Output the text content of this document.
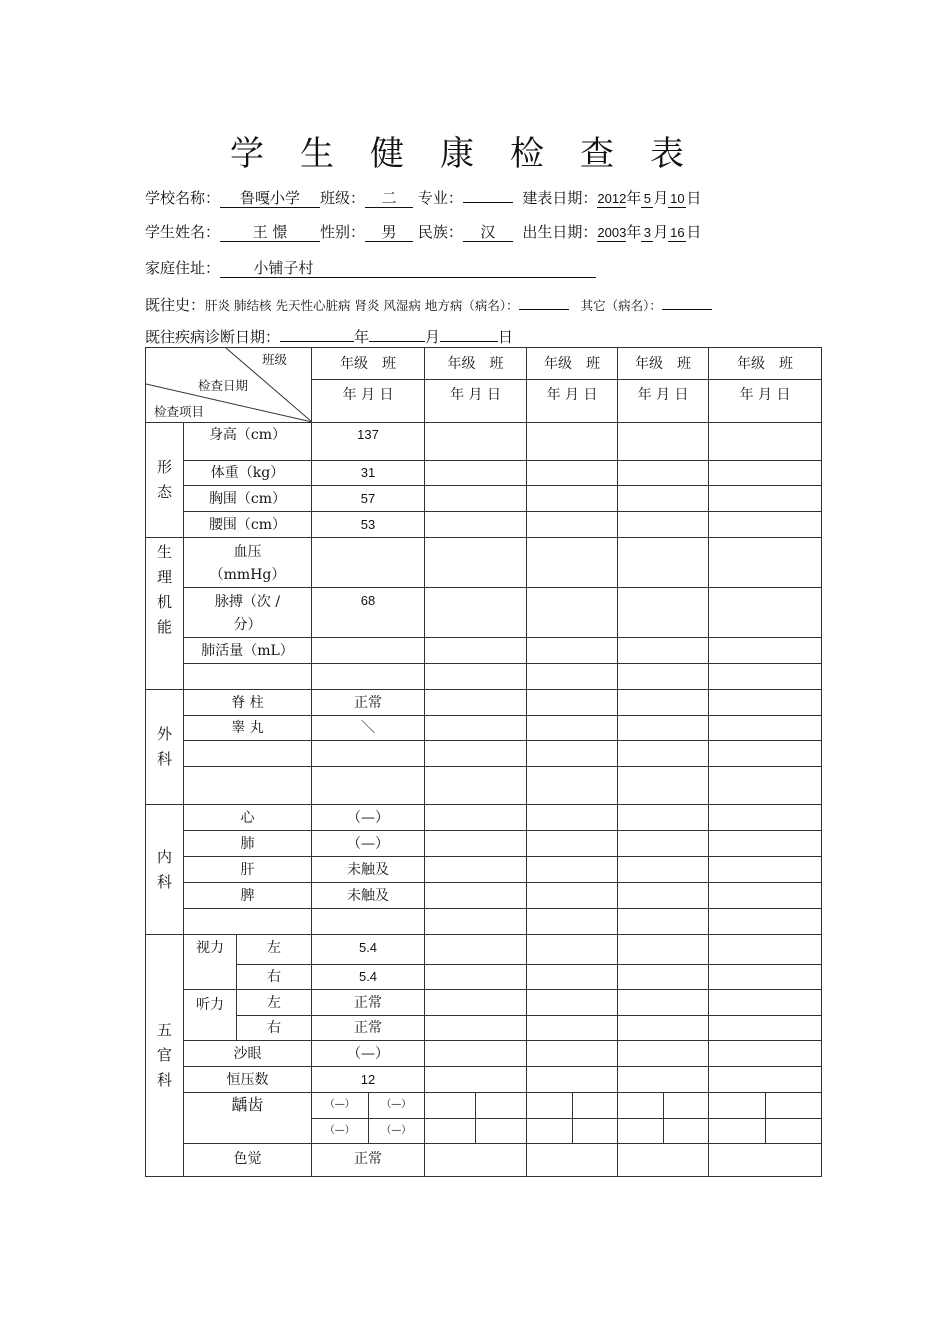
学生健康检查表
学校名称： 鲁嘎小学 班级： 二 专业：	建表日期：2012年 5 月 10 日
学生姓名： 王 憬 性别： 男 民族： 汉 出生日期：2003年 3 月 16 日
家庭住址： 小铺子村
既往史：肝炎 肺结核 先天性心脏病 肾炎 风湿病 地方病（病名）：	其它（病名）：
既往疾病诊断日期：	年	月	日
班级
检查日期
检查项目
	年级　班	年级　班	年级　班	年级　班	年级　班
年 月 日	年 月 日	年 月 日	年 月 日	年 月 日
形态	身高（cm）	137				
体重（kg）	31				
胸围（cm）	57				
腰围（cm）	53				
生理机能	血压
（mmHg）					
脉搏（次 /
分）	68				
肺活量（mL）					

外科	脊 柱	正常				
睾 丸	＼				

内科	心	（—）				
肺	（—）				
肝	未触及				
脾	未触及				

五官科	视力	左	5.4				
右	5.4				
听力	左	正常				
右	正常				
沙眼	（—）				
恒压数	12				
龋齿		（—）	（—）
（—）	（—）

色觉	正常				
